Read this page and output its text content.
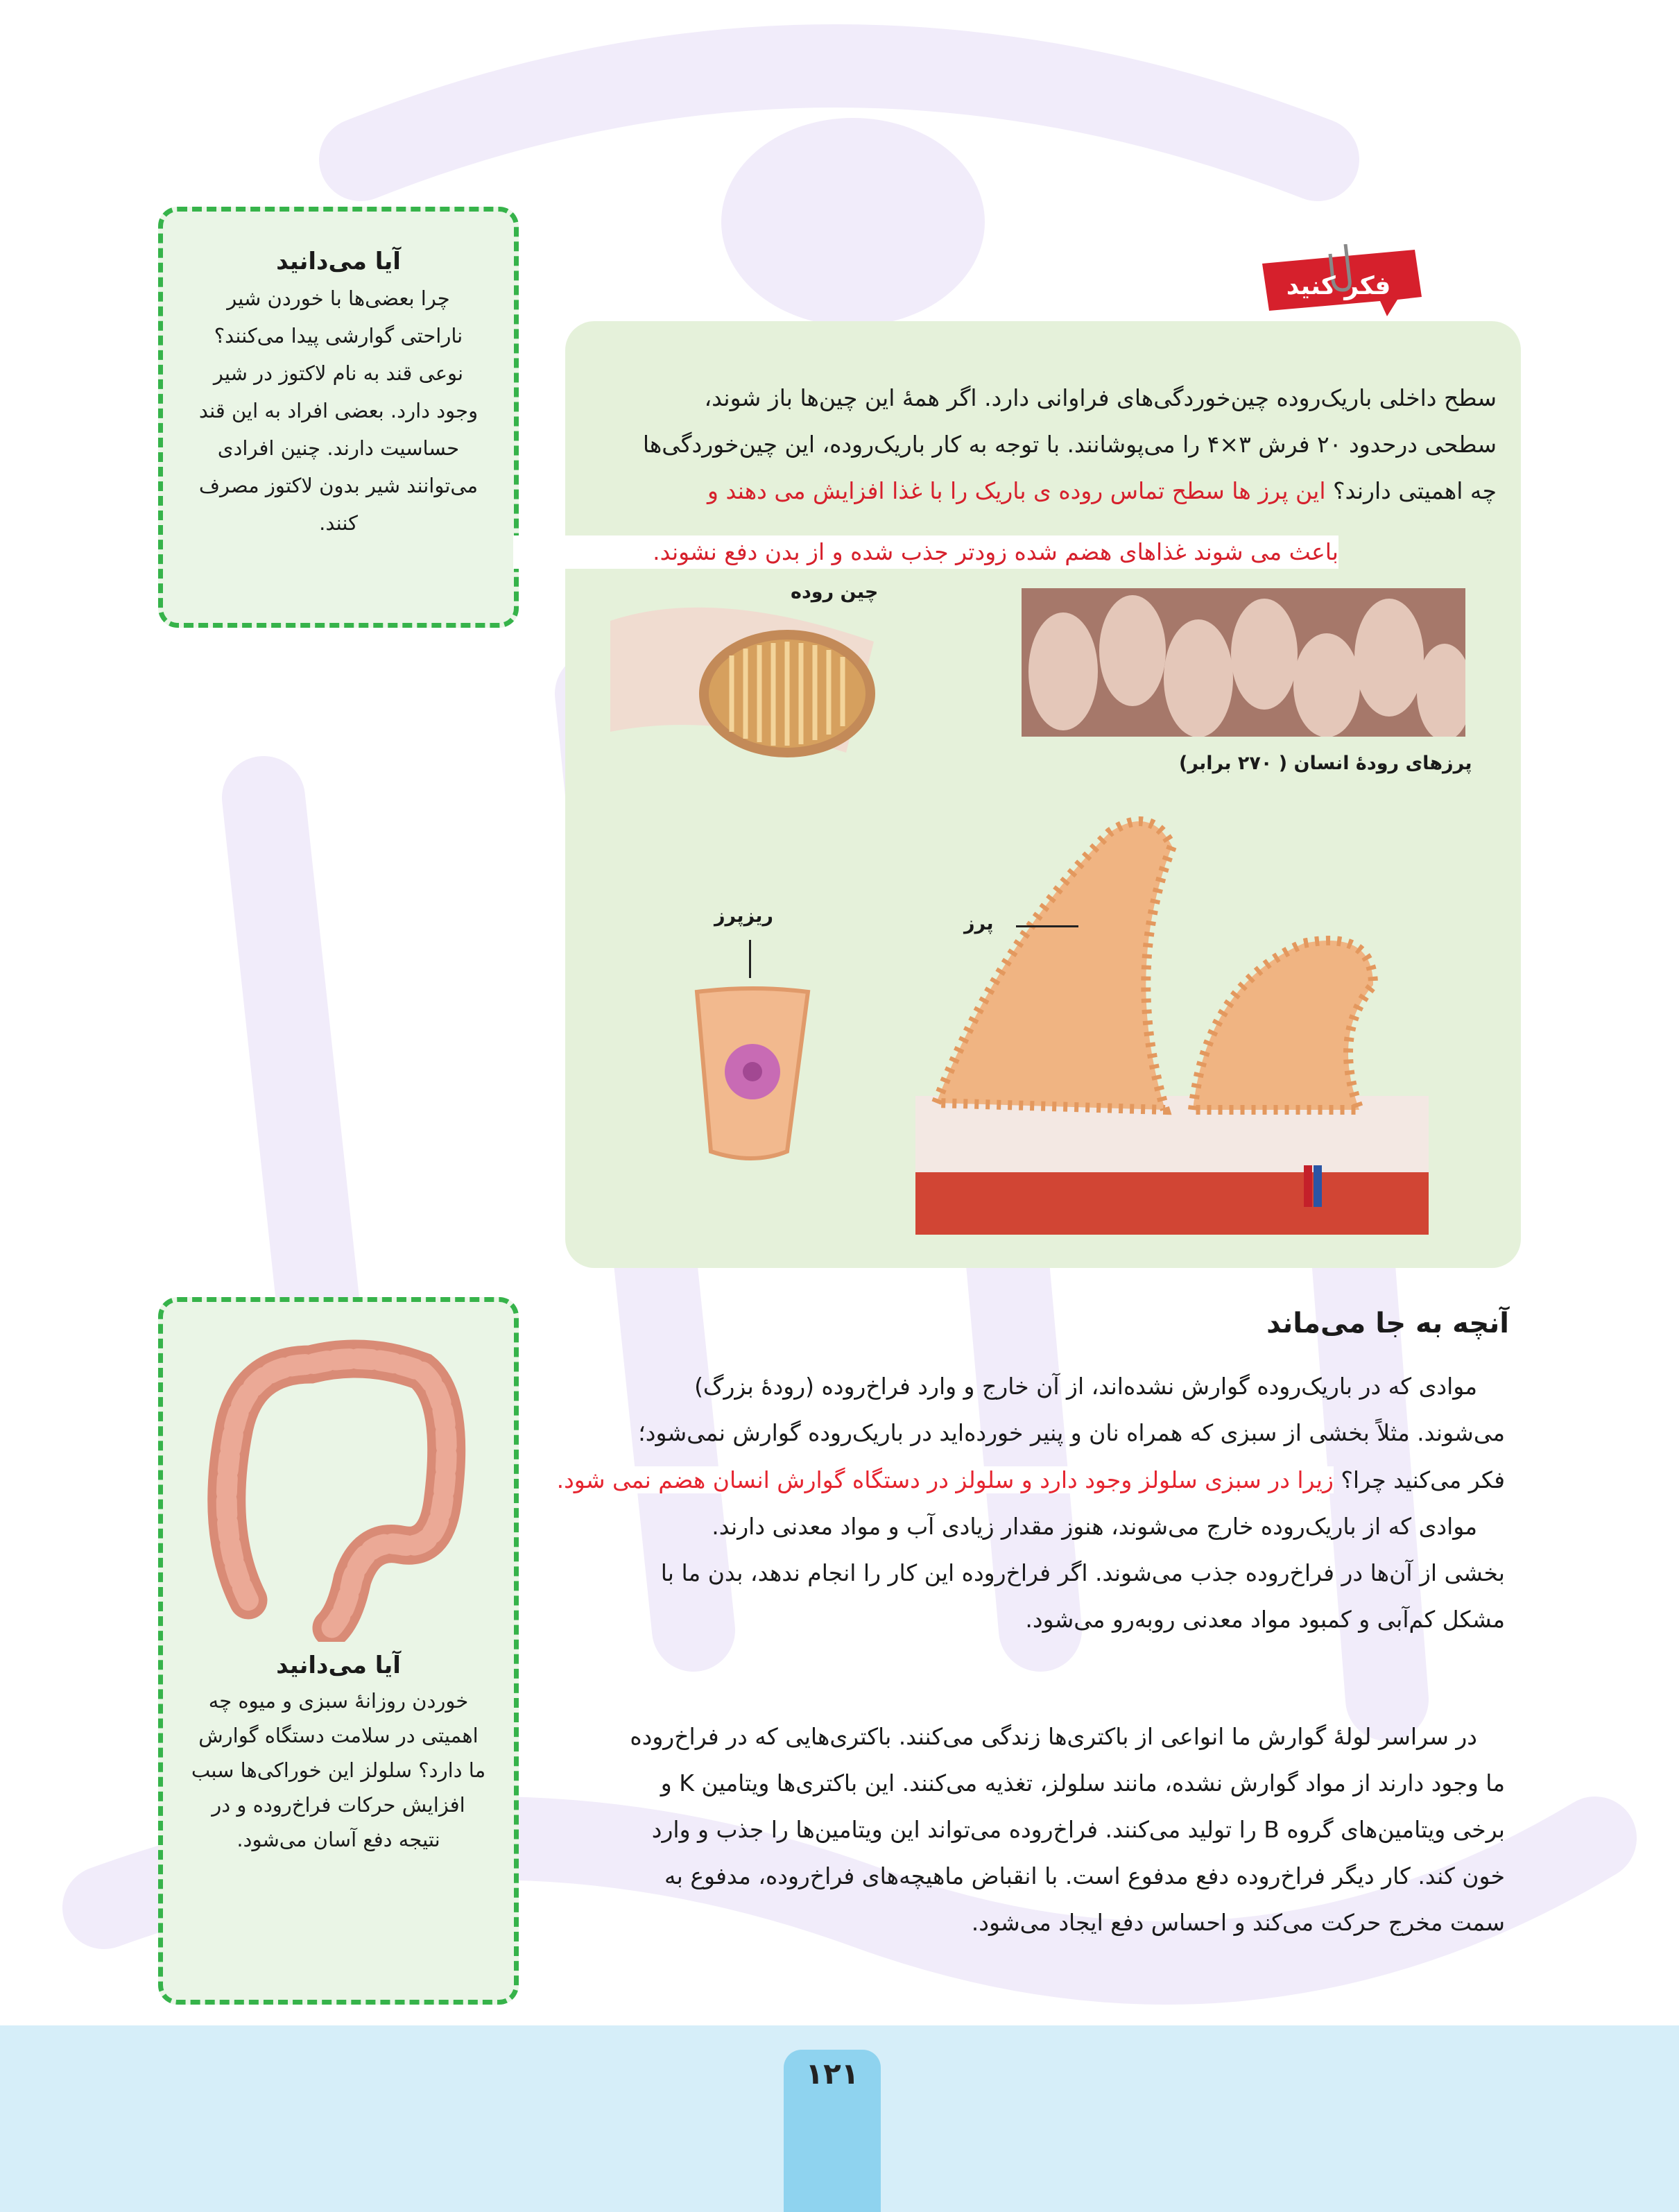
۱۲۱
آیا می‌دانید
چرا بعضی‌ها با خوردن شیر
ناراحتی گوارشی پیدا می‌کنند؟
نوعی قند به نام لاکتوز در شیر
وجود دارد. بعضی افراد به این قند
حساسیت دارند. چنین افرادی
می‌توانند شیر بدون لاکتوز مصرف
کنند.
فکر کنید
سطح داخلی باریک‌روده چین‌خوردگی‌های فراوانی دارد. اگر همهٔ این چین‌ها باز شوند،
سطحی درحدود ۲۰ فرش ۳×۴ را می‌پوشانند. با توجه به کار باریک‌روده، این چین‌خوردگی‌ها
چه اهمیتی دارند؟ این پرز ها سطح تماس روده ی باریک را با غذا افزایش می دهند و
باعث می شوند غذاهای هضم شده زودتر جذب شده و از بدن دفع نشوند.
چین روده
پرزهای رودهٔ انسان ( ۲۷۰ برابر)
پرز
ریزپرز
آیا می‌دانید
خوردن روزانهٔ سبزی و میوه چه
اهمیتی در سلامت دستگاه گوارش
ما دارد؟ سلولز این خوراکی‌ها سبب
افزایش حرکات فراخ‌روده و در
نتیجه دفع آسان می‌شود.
آنچه به جا می‌ماند
موادی که در باریک‌روده گوارش نشده‌اند، از آن خارج و وارد فراخ‌روده (رودهٔ بزرگ)
می‌شوند. مثلاً بخشی از سبزی که همراه نان و پنیر خورده‌اید در باریک‌روده گوارش نمی‌شود؛
فکر می‌کنید چرا؟ زیرا در سبزی سلولز وجود دارد و سلولز در دستگاه گوارش انسان هضم نمی شود.
موادی که از باریک‌روده خارج می‌شوند، هنوز مقدار زیادی آب و مواد معدنی دارند.
بخشی از آن‌ها در فراخ‌روده جذب می‌شوند. اگر فراخ‌روده این کار را انجام ندهد، بدن ما با
مشکل کم‌آبی و کمبود مواد معدنی روبه‌رو می‌شود.
در سراسر لولهٔ گوارش ما انواعی از باکتری‌ها زندگی می‌کنند. باکتری‌هایی که در فراخ‌روده
ما وجود دارند از مواد گوارش نشده، مانند سلولز، تغذیه می‌کنند. این باکتری‌ها ویتامین K و
برخی ویتامین‌های گروه B را تولید می‌کنند. فراخ‌روده می‌تواند این ویتامین‌ها را جذب و وارد
خون کند. کار دیگر فراخ‌روده دفع مدفوع است. با انقباض ماهیچه‌های فراخ‌روده، مدفوع به
سمت مخرج حرکت می‌کند و احساس دفع ایجاد می‌شود.
